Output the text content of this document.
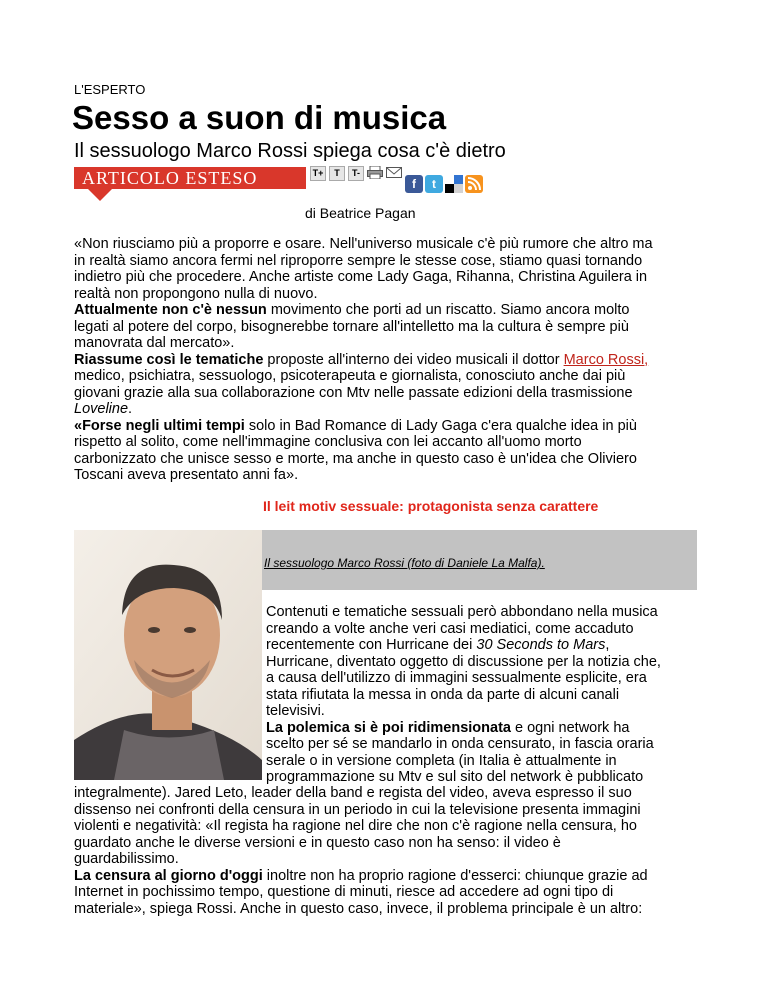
L'ESPERTO
Sesso a suon di musica
Il sessuologo Marco Rossi spiega cosa c'è dietro
ARTICOLO ESTESO	T+	T	T-
f	t
di Beatrice Pagan
«Non riusciamo più a proporre e osare. Nell'universo musicale c'è più rumore che altro ma
in realtà siamo ancora fermi nel riproporre sempre le stesse cose, stiamo quasi tornando
indietro più che procedere. Anche artiste come Lady Gaga, Rihanna, Christina Aguilera in
realtà non propongono nulla di nuovo.
Attualmente non c'è nessun movimento che porti ad un riscatto. Siamo ancora molto
legati al potere del corpo, bisognerebbe tornare all'intelletto ma la cultura è sempre più
manovrata dal mercato».
Riassume così le tematiche proposte all'interno dei video musicali il dottor Marco Rossi,
medico, psichiatra, sessuologo, psicoterapeuta e giornalista, conosciuto anche dai più
giovani grazie alla sua collaborazione con Mtv nelle passate edizioni della trasmissione
Loveline.
«Forse negli ultimi tempi solo in Bad Romance di Lady Gaga c'era qualche idea in più
rispetto al solito, come nell'immagine conclusiva con lei accanto all'uomo morto
carbonizzato che unisce sesso e morte, ma anche in questo caso è un'idea che Oliviero
Toscani aveva presentato anni fa».
Il leit motiv sessuale: protagonista senza carattere
Il sessuologo Marco Rossi (foto di Daniele La Malfa).
Contenuti e tematiche sessuali però abbondano nella musica
creando a volte anche veri casi mediatici, come accaduto
recentemente con Hurricane dei 30 Seconds to Mars,
Hurricane, diventato oggetto di discussione per la notizia che,
a causa dell'utilizzo di immagini sessualmente esplicite, era
stata rifiutata la messa in onda da parte di alcuni canali
televisivi.
La polemica si è poi ridimensionata e ogni network ha
scelto per sé se mandarlo in onda censurato, in fascia oraria
serale o in versione completa (in Italia è attualmente in
programmazione su Mtv e sul sito del network è pubblicato
integralmente). Jared Leto, leader della band e regista del video, aveva espresso il suo
dissenso nei confronti della censura in un periodo in cui la televisione presenta immagini
violenti e negatività: «Il regista ha ragione nel dire che non c'è ragione nella censura, ho
guardato anche le diverse versioni e in questo caso non ha senso: il video è
guardabilissimo.
La censura al giorno d'oggi inoltre non ha proprio ragione d'esserci: chiunque grazie ad
Internet in pochissimo tempo, questione di minuti, riesce ad accedere ad ogni tipo di
materiale», spiega Rossi. Anche in questo caso, invece, il problema principale è un altro:
